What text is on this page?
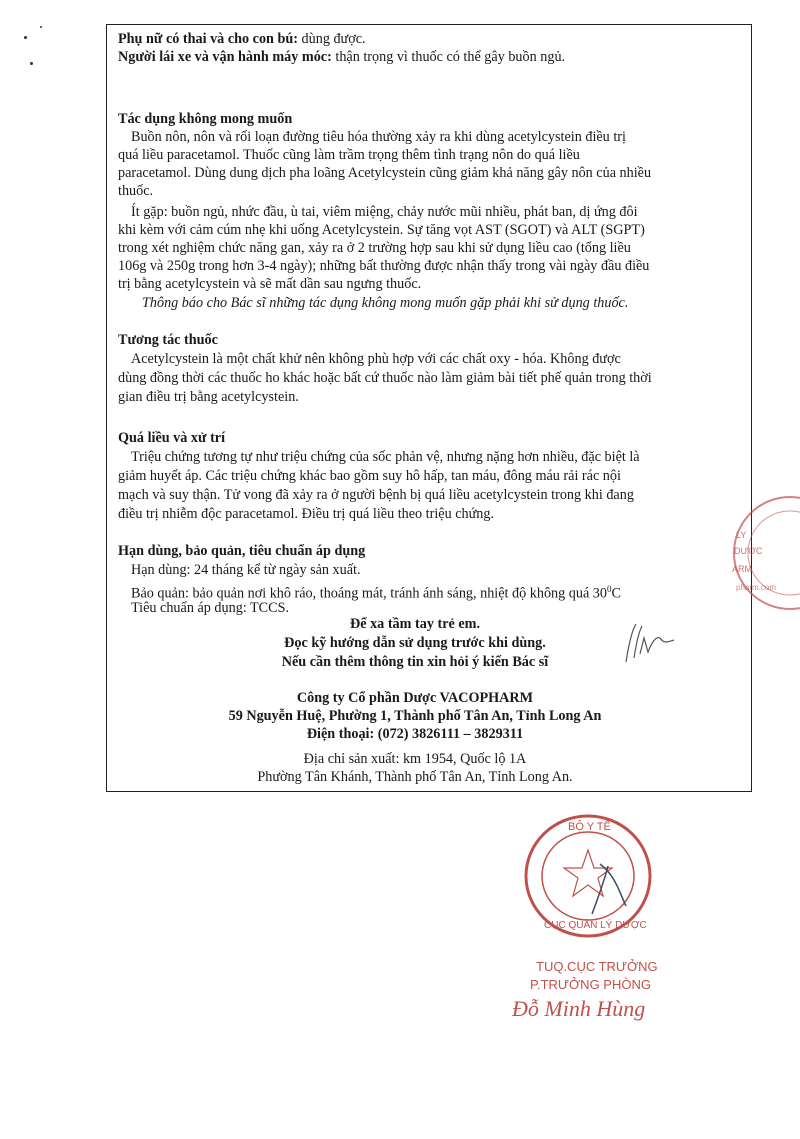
Phụ nữ có thai và cho con bú: dùng được.
Người lái xe và vận hành máy móc: thận trọng vì thuốc có thể gây buồn ngủ.
Tác dụng không mong muốn
Buồn nôn, nôn và rối loạn đường tiêu hóa thường xảy ra khi dùng acetylcystein điều trị
quá liều paracetamol. Thuốc cũng làm trầm trọng thêm tình trạng nôn do quá liều
paracetamol. Dùng dung dịch pha loãng Acetylcystein cũng giảm khả năng gây nôn của nhiều
thuốc.
Ít gặp: buồn ngủ, nhức đầu, ù tai, viêm miệng, chảy nước mũi nhiều, phát ban, dị ứng đôi
khi kèm với cảm cúm nhẹ khi uống Acetylcystein. Sự tăng vọt AST (SGOT) và ALT (SGPT)
trong xét nghiệm chức năng gan, xảy ra ở 2 trường hợp sau khi sử dụng liều cao (tổng liều
106g và 250g trong hơn 3-4 ngày); những bất thường được nhận thấy trong vài ngày đầu điều
trị bằng acetylcystein và sẽ mất dần sau ngưng thuốc.
Thông báo cho Bác sĩ những tác dụng không mong muốn gặp phải khi sử dụng thuốc.
Tương tác thuốc
Acetylcystein là một chất khử nên không phù hợp với các chất oxy - hóa. Không được
dùng đồng thời các thuốc ho khác hoặc bất cứ thuốc nào làm giảm bài tiết phế quản trong thời
gian điều trị bằng acetylcystein.
Quá liều và xử trí
Triệu chứng tương tự như triệu chứng của sốc phản vệ, nhưng nặng hơn nhiều, đặc biệt là
giảm huyết áp. Các triệu chứng khác bao gồm suy hô hấp, tan máu, đông máu rải rác nội
mạch và suy thận. Tử vong đã xảy ra ở người bệnh bị quá liều acetylcystein trong khi đang
điều trị nhiễm độc paracetamol. Điều trị quá liều theo triệu chứng.
Hạn dùng, bảo quản, tiêu chuẩn áp dụng
Hạn dùng: 24 tháng kể từ ngày sản xuất.
Bảo quản: bảo quản nơi khô ráo, thoáng mát, tránh ánh sáng, nhiệt độ không quá $30^0C$
Tiêu chuẩn áp dụng: TCCS.
Để xa tầm tay trẻ em.
Đọc kỹ hướng dẫn sử dụng trước khi dùng.
Nếu cần thêm thông tin xin hỏi ý kiến Bác sĩ
Công ty Cổ phần Dược VACOPHARM
59 Nguyễn Huệ, Phường 1, Thành phố Tân An, Tỉnh Long An
Điện thoại: (072) 3826111 – 3829311
Địa chỉ sản xuất: km 1954, Quốc lộ 1A
Phường Tân Khánh, Thành phố Tân An, Tỉnh Long An.
LY
DƯỢC
ARM
pharm.com
BỘ Y TẾ
CỤC QUẢN LÝ DƯỢC
TUQ.CỤC TRƯỞNG
P.TRƯỞNG PHÒNG
Đỗ Minh Hùng
